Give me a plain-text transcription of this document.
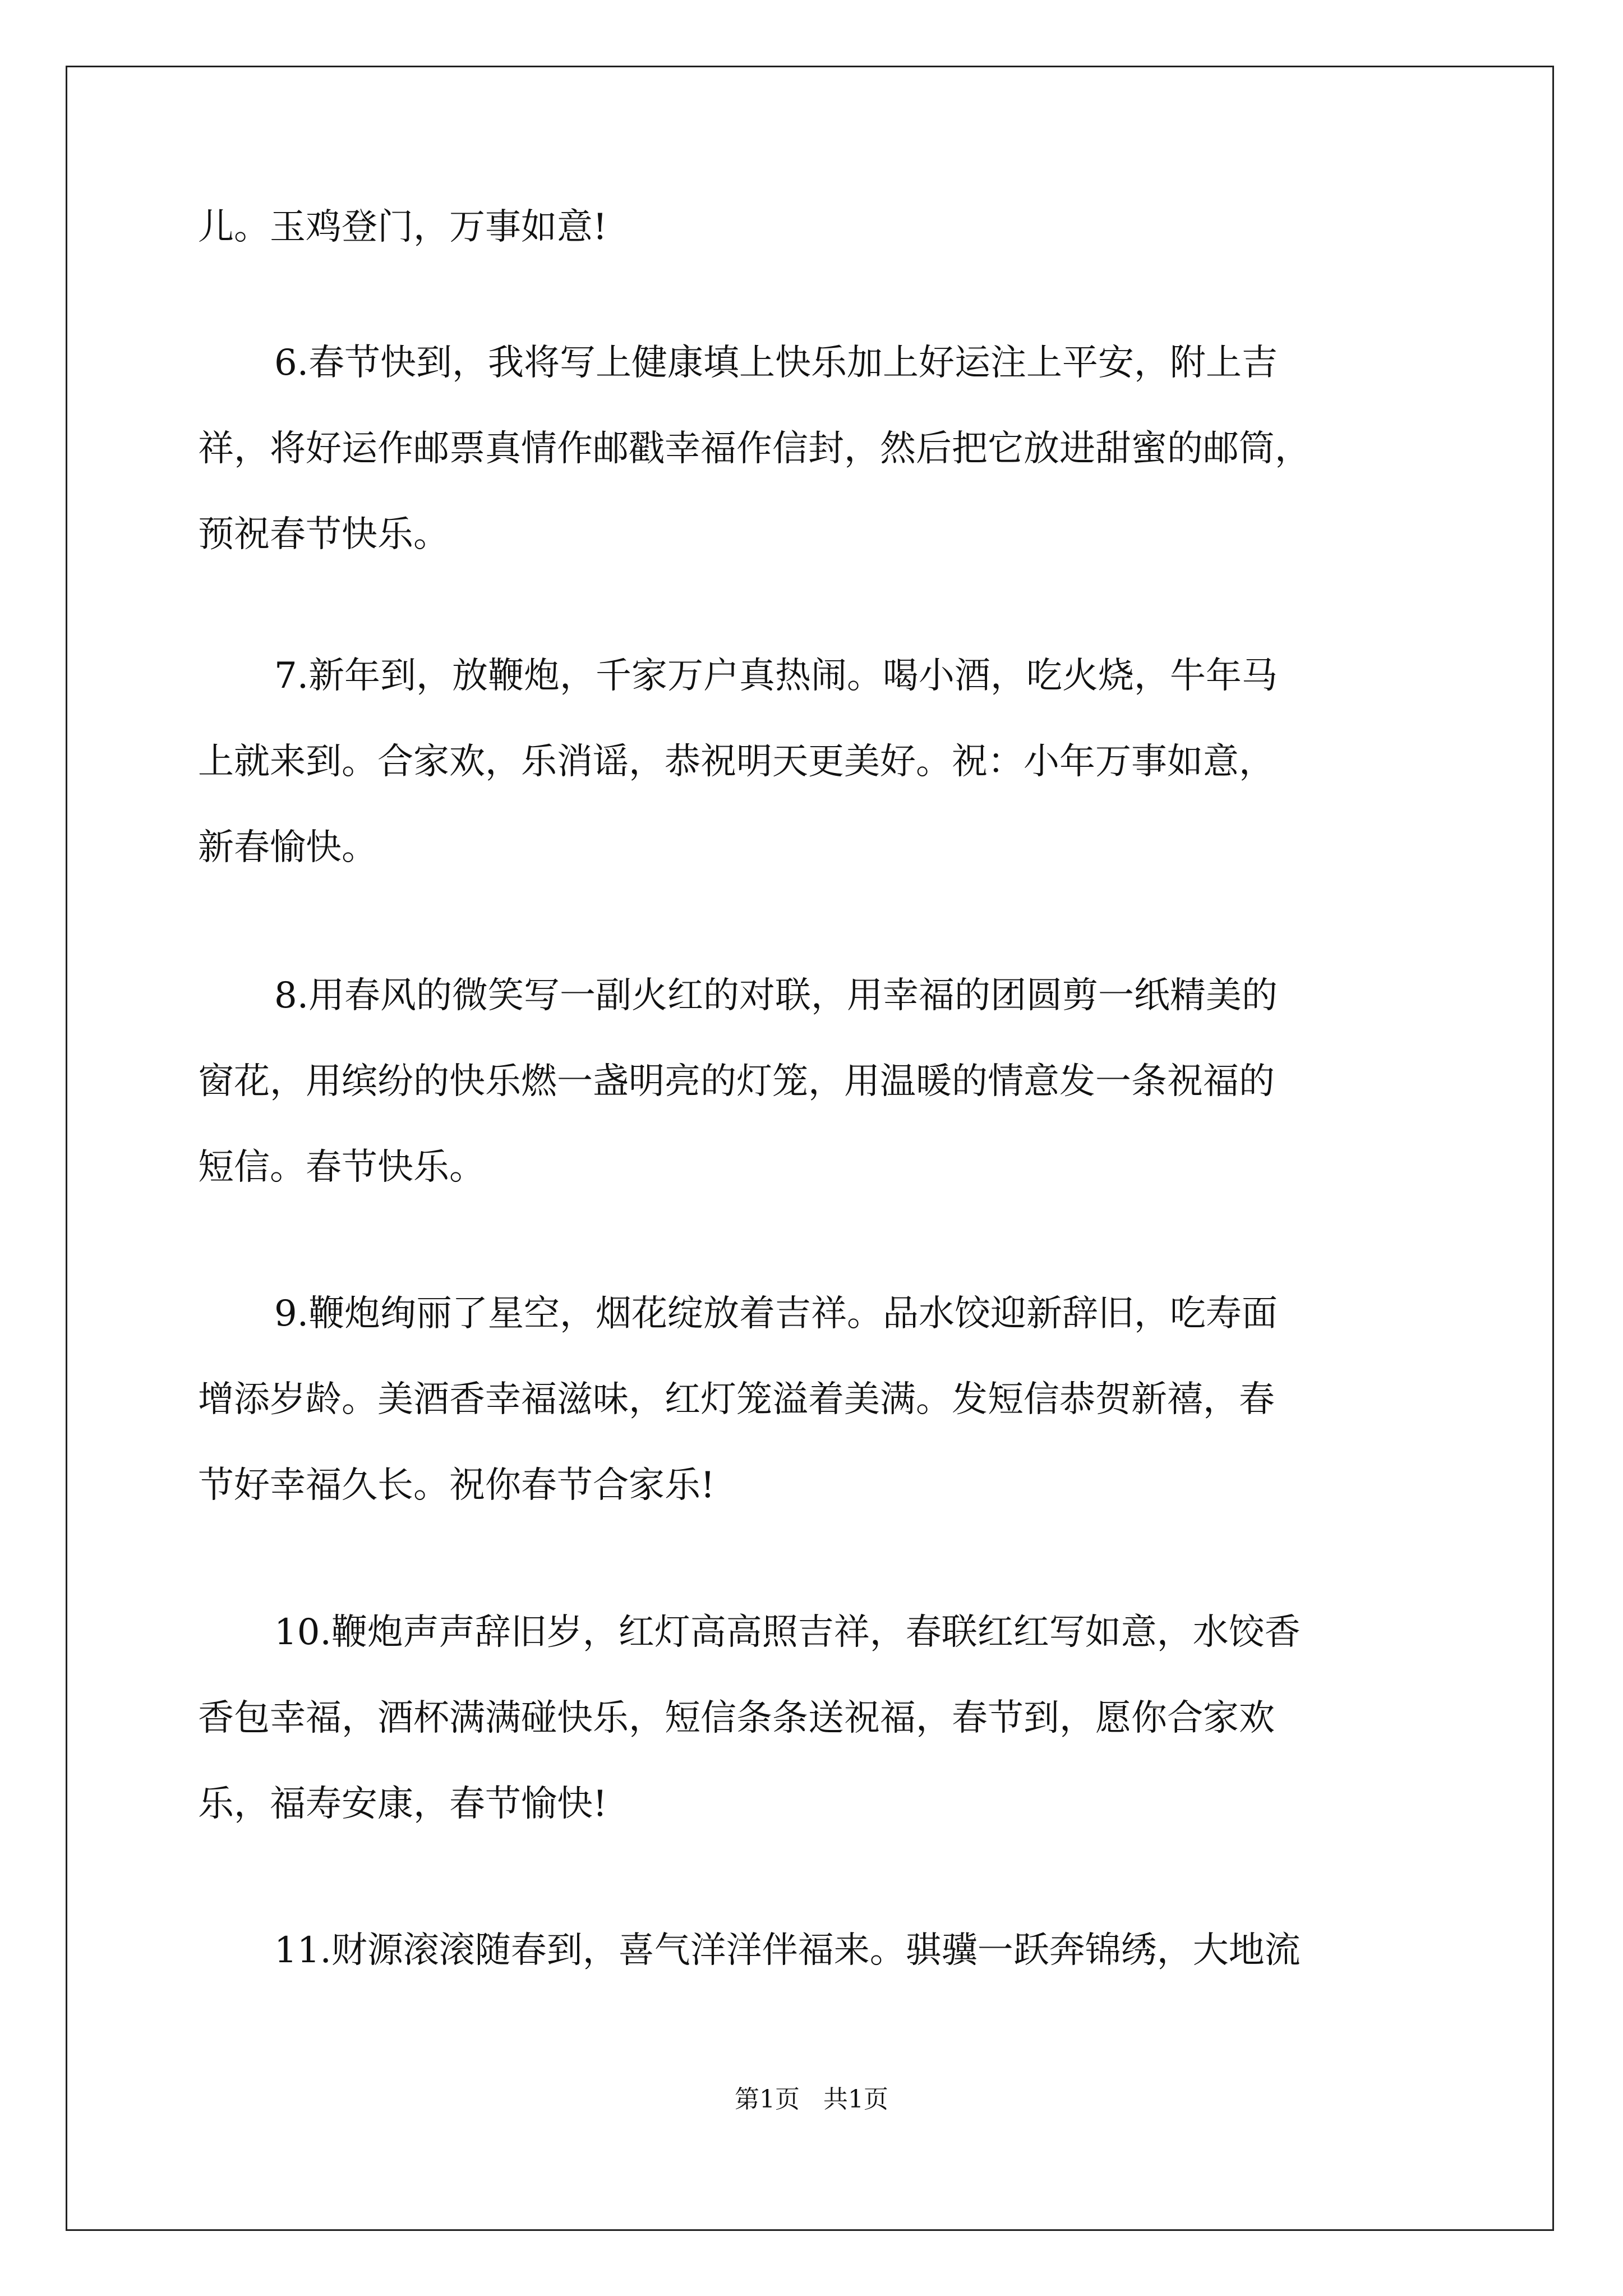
儿。玉鸡登门，万事如意!
6.春节快到，我将写上健康填上快乐加上好运注上平安，附上吉
祥，将好运作邮票真情作邮戳幸福作信封，然后把它放进甜蜜的邮筒，
预祝春节快乐。
7.新年到，放鞭炮，千家万户真热闹。喝小酒，吃火烧，牛年马
上就来到。合家欢，乐消谣，恭祝明天更美好。祝：小年万事如意，
新春愉快。
8.用春风的微笑写一副火红的对联，用幸福的团圆剪一纸精美的
窗花，用缤纷的快乐燃一盏明亮的灯笼，用温暖的情意发一条祝福的
短信。春节快乐。
9.鞭炮绚丽了星空，烟花绽放着吉祥。品水饺迎新辞旧，吃寿面
增添岁龄。美酒香幸福滋味，红灯笼溢着美满。发短信恭贺新禧，春
节好幸福久长。祝你春节合家乐!
10.鞭炮声声辞旧岁，红灯高高照吉祥，春联红红写如意，水饺香
香包幸福，酒杯满满碰快乐，短信条条送祝福，春节到，愿你合家欢
乐，福寿安康，春节愉快!
11.财源滚滚随春到，喜气洋洋伴福来。骐骥一跃奔锦绣，大地流
第1页   共1页
